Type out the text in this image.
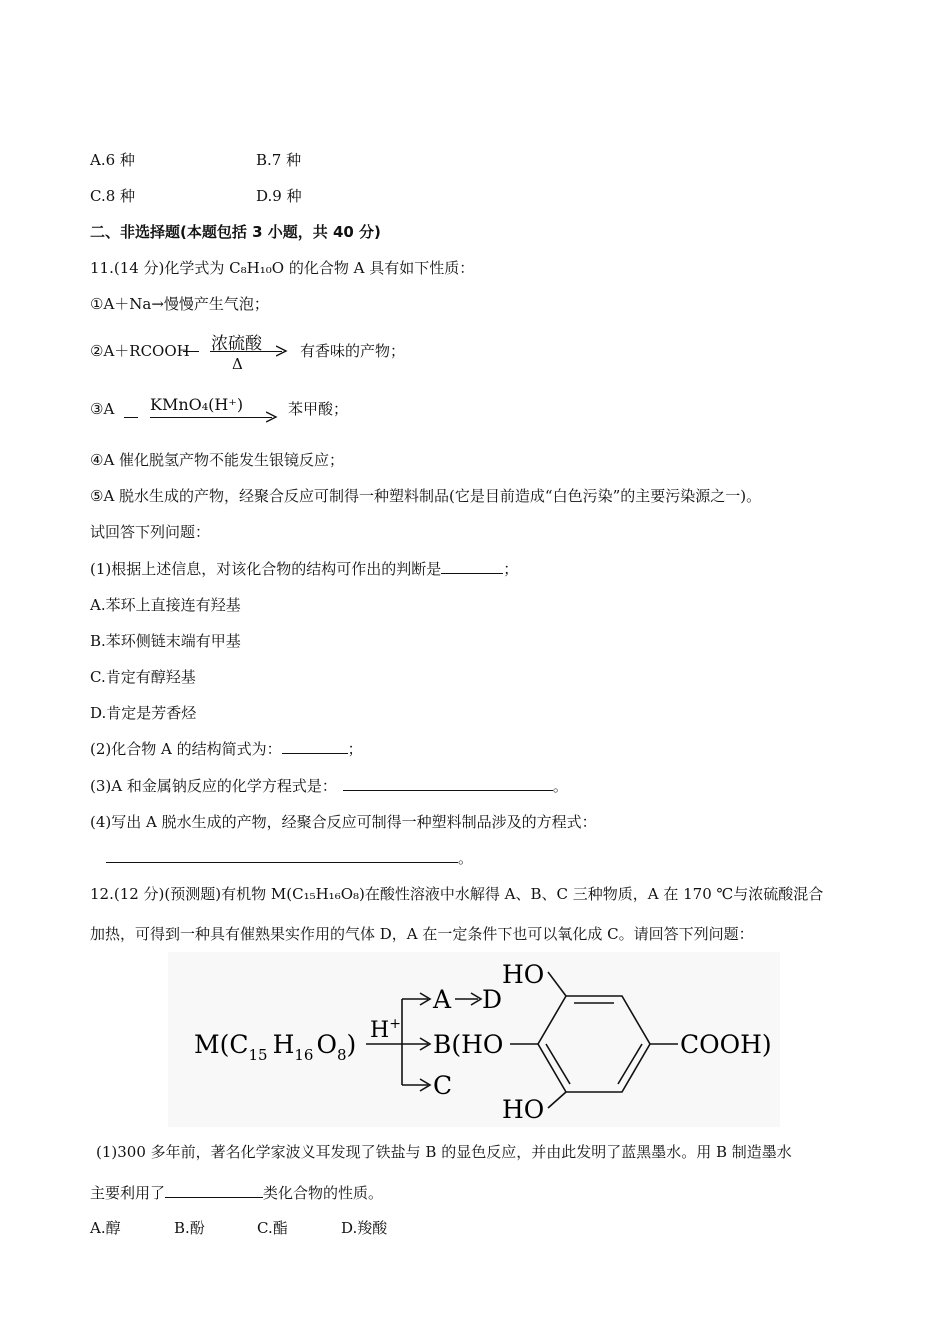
A.6 种	B.7 种
C.8 种	D.9 种
二、非选择题(本题包括 3 小题，共 40 分)
11.(14 分)化学式为 C₈H₁₀O 的化合物 A 具有如下性质：
①A＋Na→慢慢产生气泡；
②A＋RCOOH 浓硫酸
Δ
有香味的产物；
③A KMnO₄(H⁺)	苯甲酸；
④A 催化脱氢产物不能发生银镜反应；
⑤A 脱水生成的产物，经聚合反应可制得一种塑料制品(它是目前造成“白色污染”的主要污染源之一)。
试回答下列问题：
(1)根据上述信息，对该化合物的结构可作出的判断是	；
A.苯环上直接连有羟基
B.苯环侧链末端有甲基
C.肯定有醇羟基
D.肯定是芳香烃
(2)化合物 A 的结构简式为：	；
(3)A 和金属钠反应的化学方程式是：	。
(4)写出 A 脱水生成的产物，经聚合反应可制得一种塑料制品涉及的方程式：
。
12.(12 分)(预测题)有机物 M(C₁₅H₁₆O₈)在酸性溶液中水解得 A、B、C 三种物质，A 在 170 ℃与浓硫酸混合
加热，可得到一种具有催熟果实作用的气体 D，A 在一定条件下也可以氧化成 C。请回答下列问题：
$M(C_{15}$ $H_{16}$ $O_8$) H+
A D
B(HO
C
HO
HO
COOH)
(1)300 多年前，著名化学家波义耳发现了铁盐与 B 的显色反应，并由此发明了蓝黑墨水。用 B 制造墨水
主要利用了	类化合物的性质。
A.醇	B.酚	C.酯	D.羧酸
